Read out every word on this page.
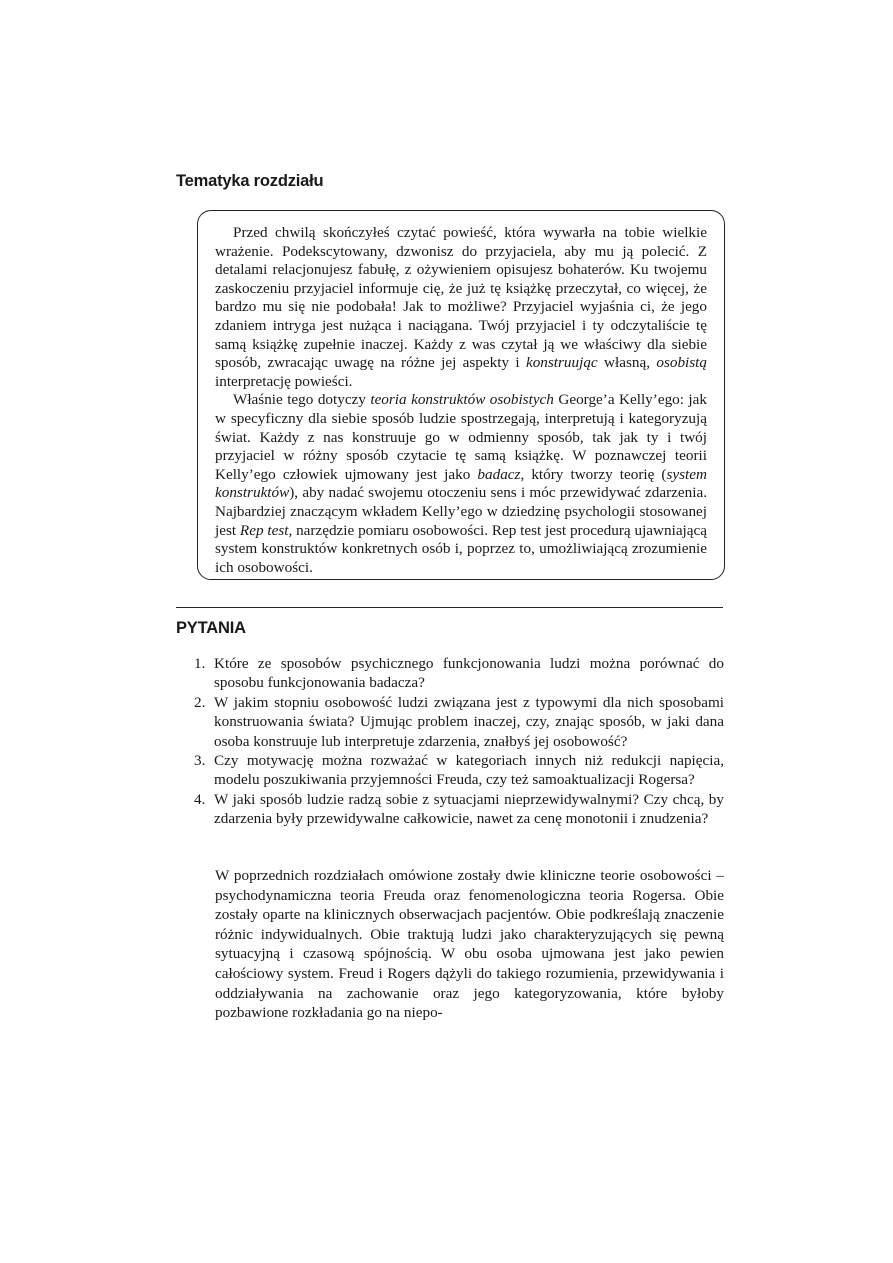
Tematyka rozdziału

Przed chwilą skończyłeś czytać powieść, która wywarła na tobie wielkie wrażenie. Podekscytowany, dzwonisz do przyjaciela, aby mu ją polecić. Z detalami relacjonujesz fabułę, z ożywieniem opisujesz bohaterów. Ku twojemu zaskoczeniu przyjaciel informuje cię, że już tę książkę przeczytał, co więcej, że bardzo mu się nie podobała! Jak to możliwe? Przyjaciel wyjaśnia ci, że jego zdaniem intryga jest nużąca i naciągana. Twój przyjaciel i ty odczytaliście tę samą książkę zupełnie inaczej. Każdy z was czytał ją we właściwy dla siebie sposób, zwracając uwagę na różne jej aspekty i konstruując własną, osobistą interpretację powieści.

Właśnie tego dotyczy teoria konstruktów osobistych George’a Kelly’ego: jak w specyficzny dla siebie sposób ludzie spostrzegają, interpretują i kategoryzują świat. Każdy z nas konstruuje go w odmienny sposób, tak jak ty i twój przyjaciel w różny sposób czytacie tę samą książkę. W poznawczej teorii Kelly’ego człowiek ujmowany jest jako badacz, który tworzy teorię (system konstruktów), aby nadać swojemu otoczeniu sens i móc przewidywać zdarzenia. Najbardziej znaczącym wkładem Kelly’ego w dziedzinę psychologii stosowanej jest Rep test, narzędzie pomiaru osobowości. Rep test jest procedurą ujawniającą system konstruktów konkretnych osób i, poprzez to, umożliwiającą zrozumienie ich osobowości.

PYTANIA
1. Które ze sposobów psychicznego funkcjonowania ludzi można porównać do sposobu funkcjonowania badacza?
2. W jakim stopniu osobowość ludzi związana jest z typowymi dla nich sposobami konstruowania świata? Ujmując problem inaczej, czy, znając sposób, w jaki dana osoba konstruuje lub interpretuje zdarzenia, znałbyś jej osobowość?
3. Czy motywację można rozważać w kategoriach innych niż redukcji napięcia, modelu poszukiwania przyjemności Freuda, czy też samoaktualizacji Rogersa?
4. W jaki sposób ludzie radzą sobie z sytuacjami nieprzewidywalnymi? Czy chcą, by zdarzenia były przewidywalne całkowicie, nawet za cenę monotonii i znudzenia?

W poprzednich rozdziałach omówione zostały dwie kliniczne teorie osobowości – psychodynamiczna teoria Freuda oraz fenomenologiczna teoria Rogersa. Obie zostały oparte na klinicznych obserwacjach pacjentów. Obie podkreślają znaczenie różnic indywidualnych. Obie traktują ludzi jako charakteryzujących się pewną sytuacyjną i czasową spójnością. W obu osoba ujmowana jest jako pewien całościowy system. Freud i Rogers dążyli do takiego rozumienia, przewidywania i oddziaływania na zachowanie oraz jego kategoryzowania, które byłoby pozbawione rozkładania go na niepo-
